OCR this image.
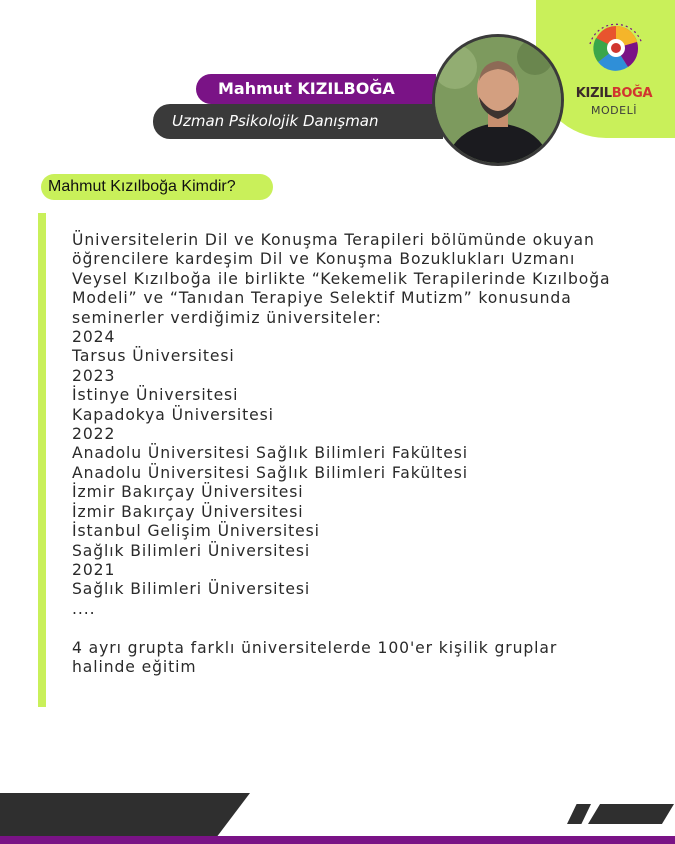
KIZILBOĞA
MODELİ
Mahmut KIZILBOĞA
Uzman Psikolojik Danışman
Mahmut Kızılboğa Kimdir?
Üniversitelerin Dil ve Konuşma Terapileri bölümünde okuyan
öğrencilere kardeşim Dil ve Konuşma Bozuklukları Uzmanı
Veysel Kızılboğa ile birlikte “Kekemelik Terapilerinde Kızılboğa
Modeli” ve “Tanıdan Terapiye Selektif Mutizm” konusunda
seminerler verdiğimiz üniversiteler:
2024
Tarsus Üniversitesi
2023
İstinye Üniversitesi
Kapadokya Üniversitesi
2022
Anadolu Üniversitesi Sağlık Bilimleri Fakültesi
Anadolu Üniversitesi Sağlık Bilimleri Fakültesi
İzmir Bakırçay Üniversitesi
İzmir Bakırçay Üniversitesi
İstanbul Gelişim Üniversitesi
Sağlık Bilimleri Üniversitesi
2021
Sağlık Bilimleri Üniversitesi
....
4 ayrı grupta farklı üniversitelerde 100'er kişilik gruplar
halinde eğitim
